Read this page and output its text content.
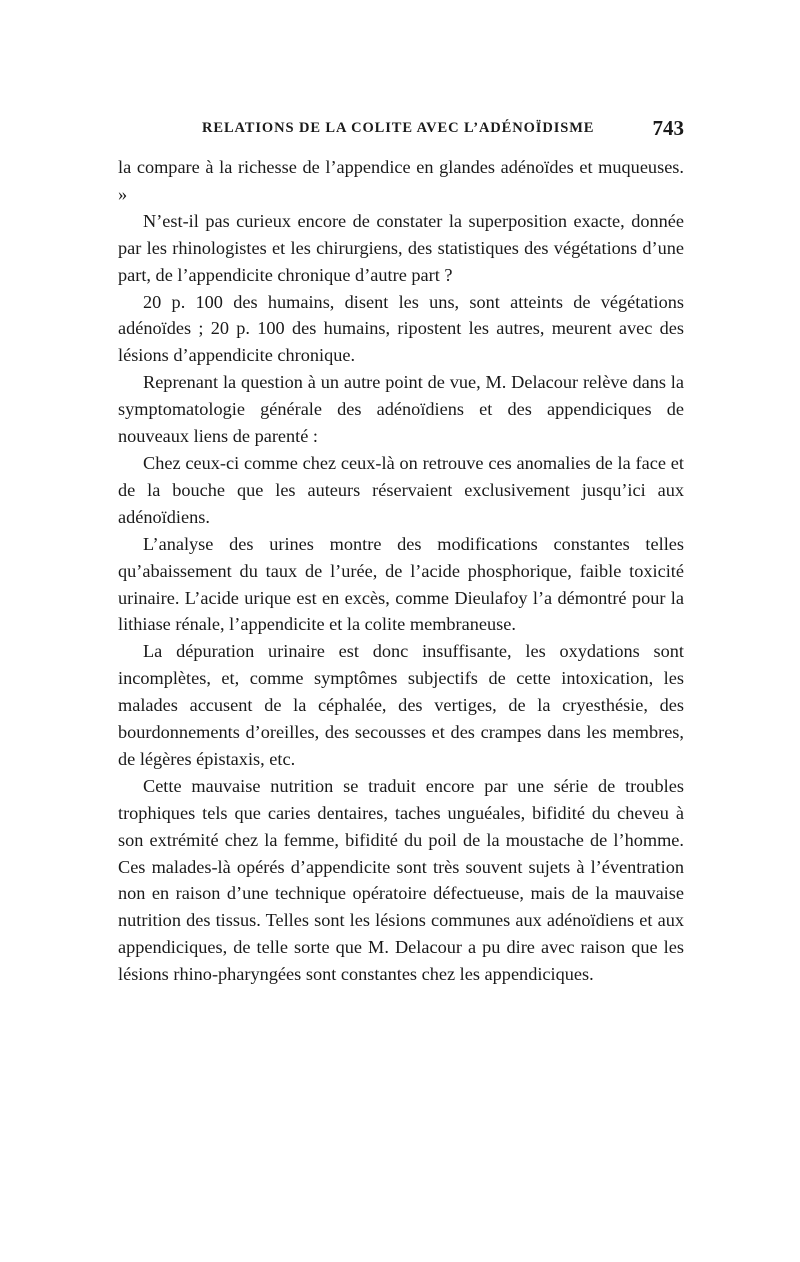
RELATIONS DE LA COLITE AVEC L’ADÉNOÏDISME	743

la compare à la richesse de l’appendice en glandes adénoïdes et muqueuses. »

N’est-il pas curieux encore de constater la superposition exacte, donnée par les rhinologistes et les chirurgiens, des statistiques des végétations d’une part, de l’appendicite chronique d’autre part ?

20 p. 100 des humains, disent les uns, sont atteints de végétations adénoïdes ; 20 p. 100 des humains, ripostent les autres, meurent avec des lésions d’appendicite chronique.

Reprenant la question à un autre point de vue, M. Delacour relève dans la symptomatologie générale des adénoïdiens et des appendiciques de nouveaux liens de parenté :

Chez ceux-ci comme chez ceux-là on retrouve ces anomalies de la face et de la bouche que les auteurs réservaient exclusivement jusqu’ici aux adénoïdiens.

L’analyse des urines montre des modifications constantes telles qu’abaissement du taux de l’urée, de l’acide phosphorique, faible toxicité urinaire. L’acide urique est en excès, comme Dieulafoy l’a démontré pour la lithiase rénale, l’appendicite et la colite membraneuse.

La dépuration urinaire est donc insuffisante, les oxydations sont incomplètes, et, comme symptômes subjectifs de cette intoxication, les malades accusent de la céphalée, des vertiges, de la cryesthésie, des bourdonnements d’oreilles, des secousses et des crampes dans les membres, de légères épistaxis, etc.

Cette mauvaise nutrition se traduit encore par une série de troubles trophiques tels que caries dentaires, taches unguéales, bifidité du cheveu à son extrémité chez la femme, bifidité du poil de la moustache de l’homme. Ces malades-là opérés d’appendicite sont très souvent sujets à l’éventration non en raison d’une technique opératoire défectueuse, mais de la mauvaise nutrition des tissus. Telles sont les lésions communes aux adénoïdiens et aux appendiciques, de telle sorte que M. Delacour a pu dire avec raison que les lésions rhino-pharyngées sont constantes chez les appendiciques.
